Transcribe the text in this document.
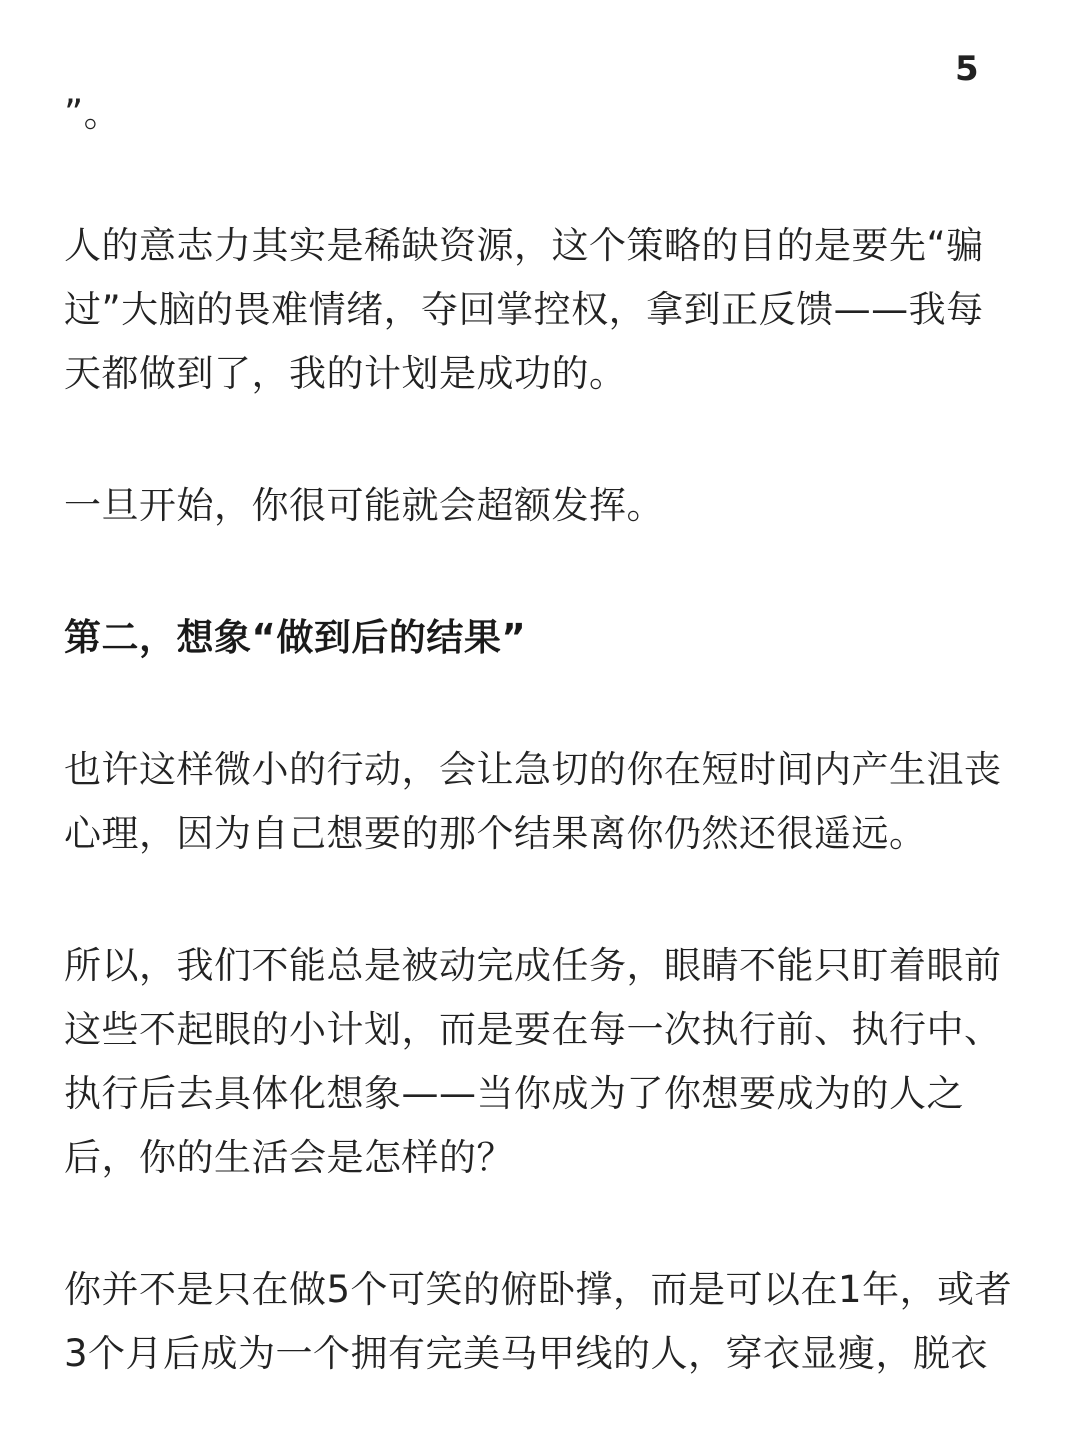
5

”。

人的意志力其实是稀缺资源，这个策略的目的是要先“骗
过”大脑的畏难情绪，夺回掌控权，拿到正反馈——我每
天都做到了，我的计划是成功的。

一旦开始，你很可能就会超额发挥。

第二，想象“做到后的结果”

也许这样微小的行动，会让急切的你在短时间内产生沮丧
心理，因为自己想要的那个结果离你仍然还很遥远。

所以，我们不能总是被动完成任务，眼睛不能只盯着眼前
这些不起眼的小计划，而是要在每一次执行前、执行中、
执行后去具体化想象——当你成为了你想要成为的人之
后，你的生活会是怎样的？

你并不是只在做5个可笑的俯卧撑，而是可以在1年，或者
3个月后成为一个拥有完美马甲线的人，穿衣显瘦，脱衣
